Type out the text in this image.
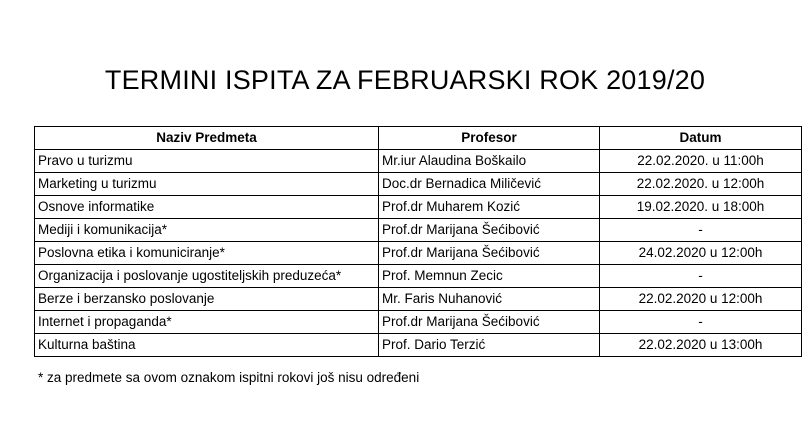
TERMINI ISPITA ZA FEBRUARSKI ROK 2019/20
Naziv Predmeta	Profesor	Datum
Pravo u turizmu	Mr.iur Alaudina Boškailo	22.02.2020. u 11:00h
Marketing u turizmu	Doc.dr Bernadica Miličević	22.02.2020. u 12:00h
Osnove informatike	Prof.dr Muharem Kozić	19.02.2020. u 18:00h
Mediji i komunikacija*	Prof.dr Marijana Šećibović	-
Poslovna etika i komuniciranje*	Prof.dr Marijana Šećibović	24.02.2020 u 12:00h
Organizacija i poslovanje ugostiteljskih preduzeća*	Prof. Memnun Zecic	-
Berze i berzansko poslovanje	Mr. Faris Nuhanović	22.02.2020 u 12:00h
Internet i propaganda*	Prof.dr Marijana Šećibović	-
Kulturna baština	Prof. Dario Terzić	22.02.2020 u 13:00h
* za predmete sa ovom oznakom ispitni rokovi još nisu određeni
